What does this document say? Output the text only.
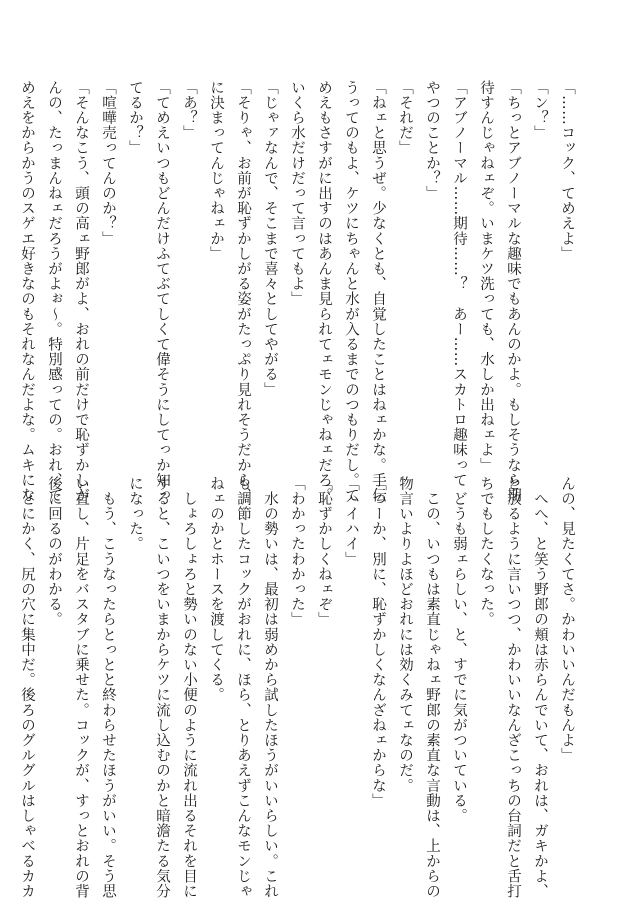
「……コック、てめえよ」
「ン？」
「ちっとアブノーマルな趣味でもあんのかよ。もしそうなら期
待すんじゃねェぞ。いまケツ洗っても、水しか出ねェよ」
「アブノーマル……期待……？　あー……スカトロ趣味って
やつのことか？」
「それだ」
「ねェと思うぜ。少なくとも、自覚したことはねェかな。手伝
うってのもよ、ケツにちゃんと水が入るまでのつもりだし。て
めえもさすがに出すのはあんま見られてェモンじゃねェだろ。
いくら水だけだって言ってもよ」
「じゃァなんで、そこまで喜々としてやがる」
「そりゃ、お前が恥ずかしがる姿がたっぷり見れそうだから、
に決まってんじゃねェか」
「あ？」
「てめえいつもどんだけふてぶてしくて偉そうにしてっか知っ
てるか？」
「喧嘩売ってんのか？」
「そんなこう、頭の高ェ野郎がよ、おれの前だけで恥ずかしが
んの、たっまんねェだろうがよぉ～。特別感っての。おれ、て
めえをからかうのスゲエ好きなのもそれなんだよな。ムキにな
んの、見たくてさ。かわいいんだもんよ」
　へへ、と笑う野郎の頬は赤らんでいて、おれは、ガキかよ、
と放るように言いつつ、かわいいなんざこっちの台詞だと舌打
ちでもしたくなった。
　どうも弱ェらしい、と、すでに気がついている。
　この、いつもは素直じゃねェ野郎の素直な言動は、上からの
物言いよりよほどおれには効くみてェなのだ。
「つーか、別に、恥ずかしくなんざねェからな」
「ハイハイ」
「恥ずかしくねェぞ」
「わかったわかった」
　水の勢いは、最初は弱めから試したほうがいいらしい。これ
も調節したコックがおれに、ほら、とりあえずこんなモンじゃ
ねェのかとホースを渡してくる。
　しょろしょろと勢いのない小便のように流れ出るそれを目に
すると、こいつをいまからケツに流し込むのかと暗澹たる気分
になった。
　もう、こうなったらとっとと終わらせたほうがいい。そう思
い直し、片足をバスタブに乗せた。コックが、すっとおれの背
後に回るのがわかる。
　とにかく、尻の穴に集中だ。後ろのグルグルはしゃべるカカ
